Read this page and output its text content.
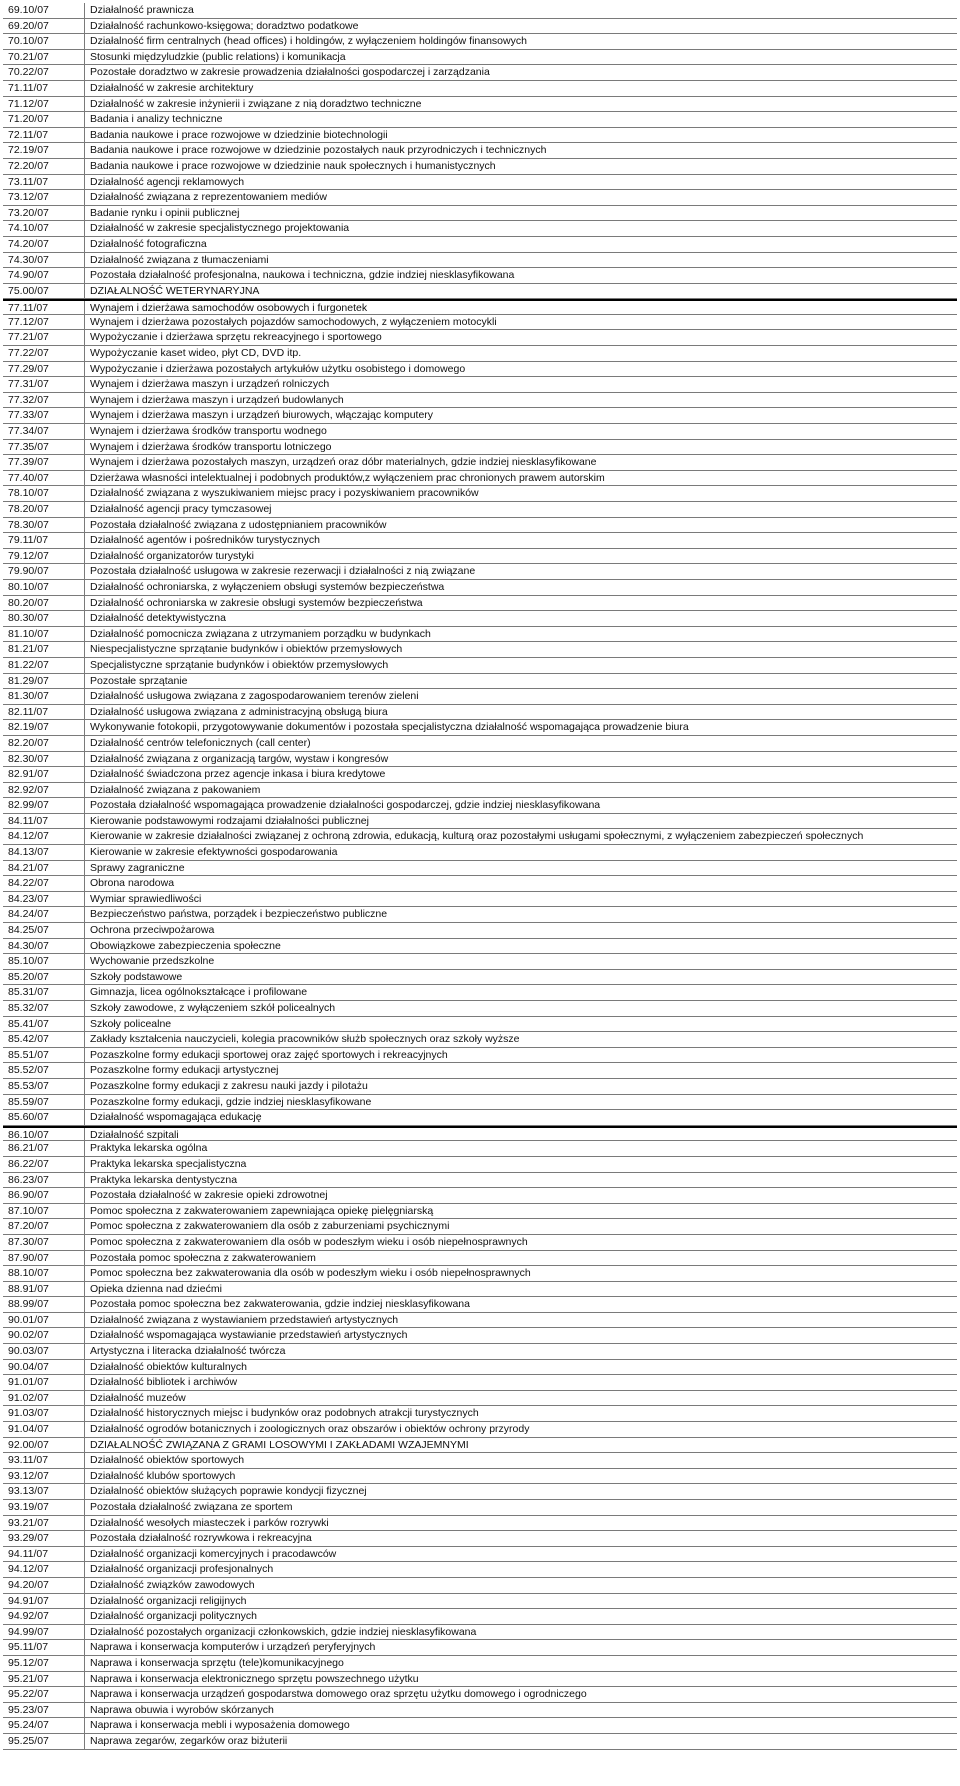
69.10/07	Działalność prawnicza
69.20/07	Działalność rachunkowo-księgowa; doradztwo podatkowe
70.10/07	Działalność firm centralnych (head offices) i holdingów, z wyłączeniem holdingów finansowych
70.21/07	Stosunki międzyludzkie (public relations) i komunikacja
70.22/07	Pozostałe doradztwo w zakresie prowadzenia działalności gospodarczej i zarządzania
71.11/07	Działalność w zakresie architektury
71.12/07	Działalność w zakresie inżynierii i związane z nią doradztwo techniczne
71.20/07	Badania i analizy techniczne
72.11/07	Badania naukowe i prace rozwojowe w dziedzinie biotechnologii
72.19/07	Badania naukowe i prace rozwojowe w dziedzinie pozostałych nauk przyrodniczych i technicznych
72.20/07	Badania naukowe i prace rozwojowe w dziedzinie nauk społecznych i humanistycznych
73.11/07	Działalność agencji reklamowych
73.12/07	Działalność związana z reprezentowaniem mediów
73.20/07	Badanie rynku i opinii publicznej
74.10/07	Działalność w zakresie specjalistycznego projektowania
74.20/07	Działalność fotograficzna
74.30/07	Działalność związana z tłumaczeniami
74.90/07	Pozostała działalność profesjonalna, naukowa i techniczna, gdzie indziej niesklasyfikowana
75.00/07	DZIAŁALNOŚĆ WETERYNARYJNA
77.11/07	Wynajem i dzierżawa samochodów osobowych i furgonetek
77.12/07	Wynajem i dzierżawa pozostałych pojazdów samochodowych, z wyłączeniem motocykli
77.21/07	Wypożyczanie i dzierżawa sprzętu rekreacyjnego i sportowego
77.22/07	Wypożyczanie kaset wideo, płyt CD, DVD itp.
77.29/07	Wypożyczanie i dzierżawa pozostałych artykułów użytku osobistego i domowego
77.31/07	Wynajem i dzierżawa maszyn i urządzeń rolniczych
77.32/07	Wynajem i dzierżawa maszyn i urządzeń budowlanych
77.33/07	Wynajem i dzierżawa maszyn i urządzeń biurowych, włączając komputery
77.34/07	Wynajem i dzierżawa środków transportu wodnego
77.35/07	Wynajem i dzierżawa środków transportu lotniczego
77.39/07	Wynajem i dzierżawa pozostałych maszyn, urządzeń oraz dóbr materialnych, gdzie indziej niesklasyfikowane
77.40/07	Dzierżawa własności intelektualnej i podobnych produktów,z wyłączeniem prac chronionych prawem autorskim
78.10/07	Działalność związana z wyszukiwaniem miejsc pracy i pozyskiwaniem pracowników
78.20/07	Działalność agencji pracy tymczasowej
78.30/07	Pozostała działalność związana z udostępnianiem pracowników
79.11/07	Działalność agentów i pośredników turystycznych
79.12/07	Działalność organizatorów turystyki
79.90/07	Pozostała działalność usługowa w zakresie rezerwacji i działalności z nią związane
80.10/07	Działalność ochroniarska, z wyłączeniem obsługi systemów bezpieczeństwa
80.20/07	Działalność ochroniarska w zakresie obsługi systemów bezpieczeństwa
80.30/07	Działalność detektywistyczna
81.10/07	Działalność pomocnicza związana z utrzymaniem porządku w budynkach
81.21/07	Niespecjalistyczne sprzątanie budynków i obiektów przemysłowych
81.22/07	Specjalistyczne sprzątanie budynków i obiektów przemysłowych
81.29/07	Pozostałe sprzątanie
81.30/07	Działalność usługowa związana z zagospodarowaniem terenów zieleni
82.11/07	Działalność usługowa związana z administracyjną obsługą biura
82.19/07	Wykonywanie fotokopii, przygotowywanie dokumentów i pozostała specjalistyczna działalność wspomagająca prowadzenie biura
82.20/07	Działalność centrów telefonicznych (call center)
82.30/07	Działalność związana z organizacją targów, wystaw i kongresów
82.91/07	Działalność świadczona przez agencje inkasa i biura kredytowe
82.92/07	Działalność związana z pakowaniem
82.99/07	Pozostała działalność wspomagająca prowadzenie działalności gospodarczej, gdzie indziej niesklasyfikowana
84.11/07	Kierowanie podstawowymi rodzajami działalności publicznej
84.12/07	Kierowanie w zakresie działalności związanej z ochroną zdrowia, edukacją, kulturą oraz pozostałymi usługami społecznymi, z wyłączeniem zabezpieczeń społecznych
84.13/07	Kierowanie w zakresie efektywności gospodarowania
84.21/07	Sprawy zagraniczne
84.22/07	Obrona narodowa
84.23/07	Wymiar sprawiedliwości
84.24/07	Bezpieczeństwo państwa, porządek i bezpieczeństwo publiczne
84.25/07	Ochrona przeciwpożarowa
84.30/07	Obowiązkowe zabezpieczenia społeczne
85.10/07	Wychowanie przedszkolne
85.20/07	Szkoły podstawowe
85.31/07	Gimnazja, licea ogólnokształcące i profilowane
85.32/07	Szkoły zawodowe, z wyłączeniem szkół policealnych
85.41/07	Szkoły policealne
85.42/07	Zakłady kształcenia nauczycieli, kolegia pracowników służb społecznych oraz szkoły wyższe
85.51/07	Pozaszkolne formy edukacji sportowej oraz zajęć sportowych i rekreacyjnych
85.52/07	Pozaszkolne formy edukacji artystycznej
85.53/07	Pozaszkolne formy edukacji z zakresu nauki jazdy i pilotażu
85.59/07	Pozaszkolne formy edukacji, gdzie indziej niesklasyfikowane
85.60/07	Działalność wspomagająca edukację
86.10/07	Działalność szpitali
86.21/07	Praktyka lekarska ogólna
86.22/07	Praktyka lekarska specjalistyczna
86.23/07	Praktyka lekarska dentystyczna
86.90/07	Pozostała działalność w zakresie opieki zdrowotnej
87.10/07	Pomoc społeczna z zakwaterowaniem zapewniająca opiekę pielęgniarską
87.20/07	Pomoc społeczna z zakwaterowaniem dla osób z zaburzeniami psychicznymi
87.30/07	Pomoc społeczna z zakwaterowaniem dla osób w podeszłym wieku i osób niepełnosprawnych
87.90/07	Pozostała pomoc społeczna z zakwaterowaniem
88.10/07	Pomoc społeczna bez zakwaterowania dla osób w podeszłym wieku i osób niepełnosprawnych
88.91/07	Opieka dzienna nad dziećmi
88.99/07	Pozostała pomoc społeczna bez zakwaterowania, gdzie indziej niesklasyfikowana
90.01/07	Działalność związana z wystawianiem przedstawień artystycznych
90.02/07	Działalność wspomagająca wystawianie przedstawień artystycznych
90.03/07	Artystyczna i literacka działalność twórcza
90.04/07	Działalność obiektów kulturalnych
91.01/07	Działalność bibliotek i archiwów
91.02/07	Działalność muzeów
91.03/07	Działalność historycznych miejsc i budynków oraz podobnych atrakcji turystycznych
91.04/07	Działalność ogrodów botanicznych i zoologicznych oraz obszarów i obiektów ochrony przyrody
92.00/07	DZIAŁALNOŚĆ ZWIĄZANA Z GRAMI LOSOWYMI I ZAKŁADAMI WZAJEMNYMI
93.11/07	Działalność obiektów sportowych
93.12/07	Działalność klubów sportowych
93.13/07	Działalność obiektów służących poprawie kondycji fizycznej
93.19/07	Pozostała działalność związana ze sportem
93.21/07	Działalność wesołych miasteczek i parków rozrywki
93.29/07	Pozostała działalność rozrywkowa i rekreacyjna
94.11/07	Działalność organizacji komercyjnych i pracodawców
94.12/07	Działalność organizacji profesjonalnych
94.20/07	Działalność związków zawodowych
94.91/07	Działalność organizacji religijnych
94.92/07	Działalność organizacji politycznych
94.99/07	Działalność pozostałych organizacji członkowskich, gdzie indziej niesklasyfikowana
95.11/07	Naprawa i konserwacja komputerów i urządzeń peryferyjnych
95.12/07	Naprawa i konserwacja sprzętu (tele)komunikacyjnego
95.21/07	Naprawa i konserwacja elektronicznego sprzętu powszechnego użytku
95.22/07	Naprawa i konserwacja urządzeń gospodarstwa domowego oraz sprzętu użytku domowego i ogrodniczego
95.23/07	Naprawa obuwia i wyrobów skórzanych
95.24/07	Naprawa i konserwacja mebli i wyposażenia domowego
95.25/07	Naprawa zegarów, zegarków oraz biżuterii
